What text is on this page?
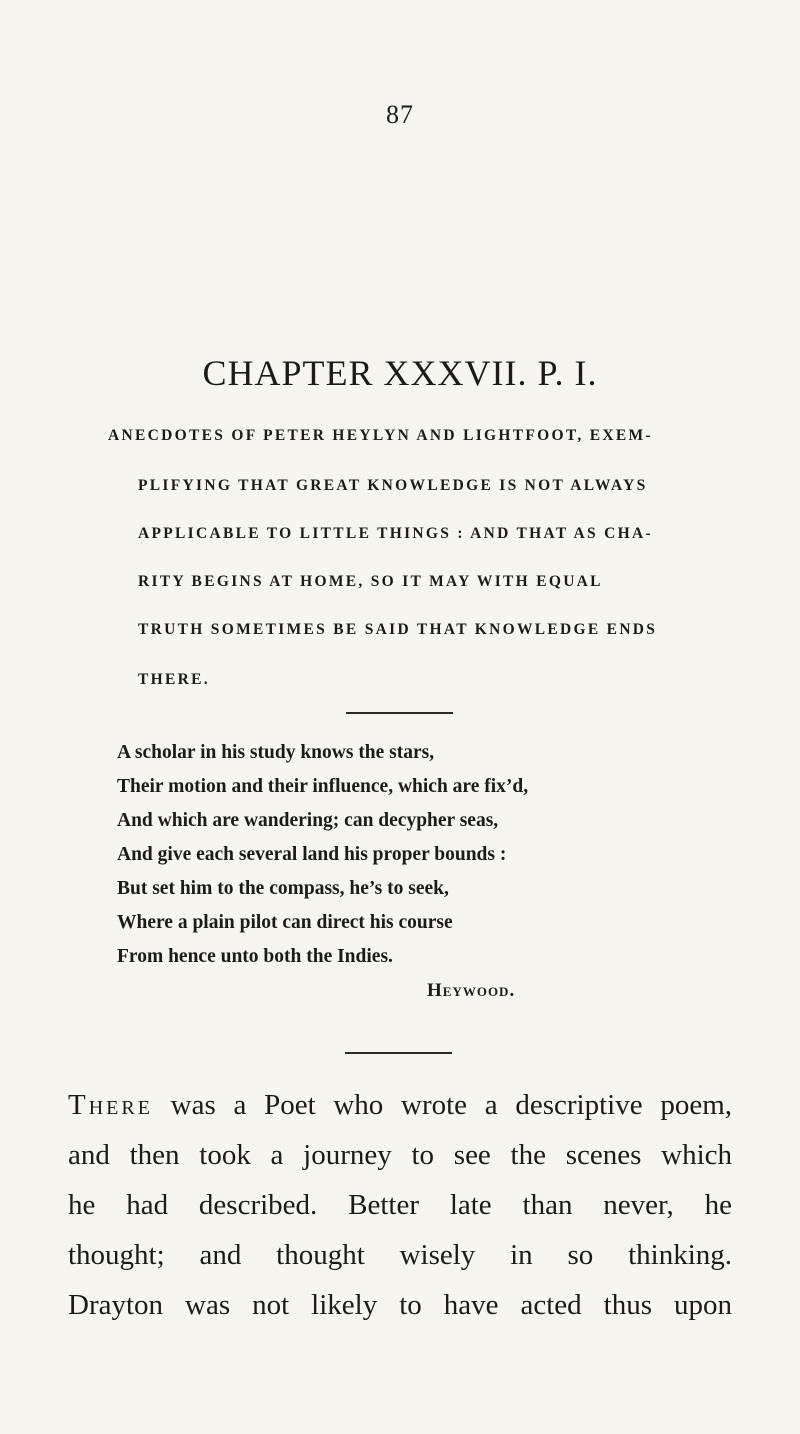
87
CHAPTER XXXVII. P. I.
ANECDOTES OF PETER HEYLYN AND LIGHTFOOT, EXEM-
PLIFYING THAT GREAT KNOWLEDGE IS NOT ALWAYS
APPLICABLE TO LITTLE THINGS : AND THAT AS CHA-
RITY BEGINS AT HOME, SO IT MAY WITH EQUAL
TRUTH SOMETIMES BE SAID THAT KNOWLEDGE ENDS
THERE.
A scholar in his study knows the stars,
Their motion and their influence, which are fix’d,
And which are wandering; can decypher seas,
And give each several land his proper bounds :
But set him to the compass, he’s to seek,
Where a plain pilot can direct his course
From hence unto both the Indies.
Heywood.
There was a Poet who wrote a descriptive poem,
and then took a journey to see the scenes which
he had described. Better late than never, he
thought; and thought wisely in so thinking.
Drayton was not likely to have acted thus upon
